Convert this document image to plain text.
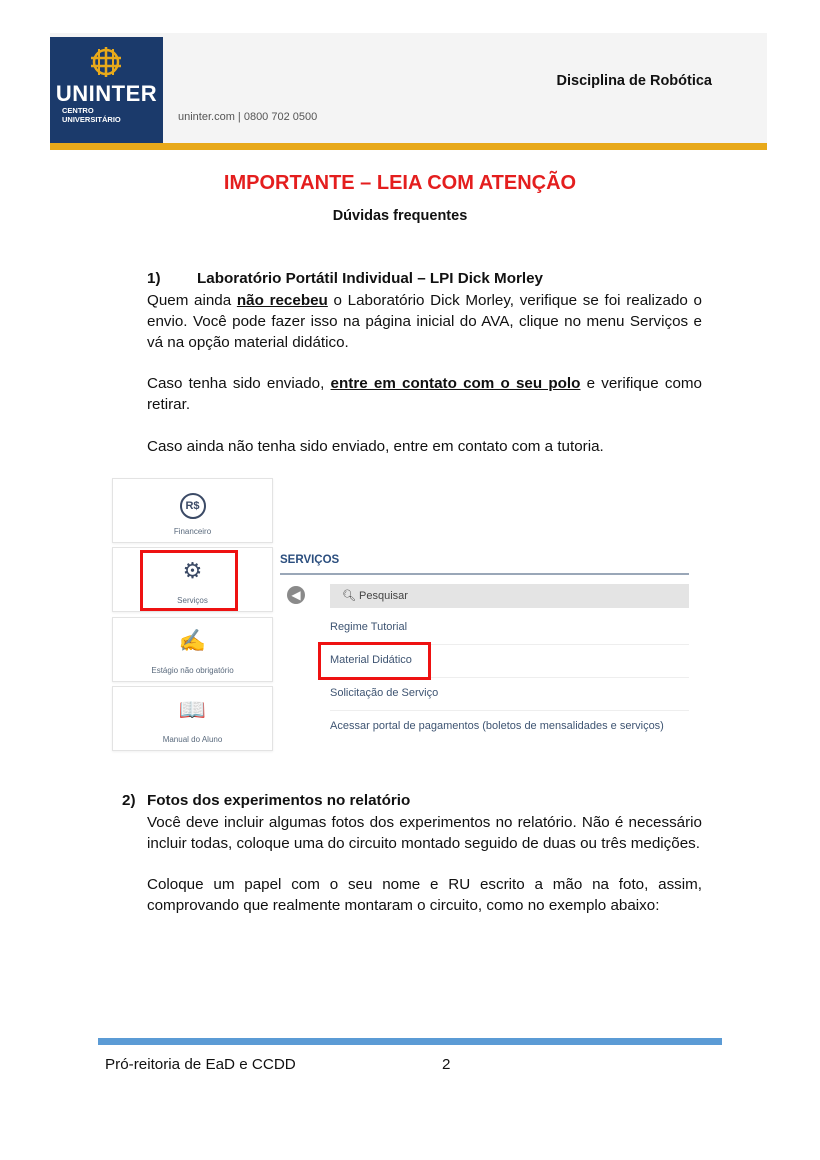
UNINTER
CENTRO
UNIVERSITÁRIO	uninter.com | 0800 702 0500
Disciplina de Robótica
IMPORTANTE – LEIA COM ATENÇÃO
Dúvidas frequentes
1) Laboratório Portátil Individual – LPI Dick Morley

Quem ainda não recebeu o Laboratório Dick Morley, verifique se foi realizado o envio. Você pode fazer isso na página inicial do AVA, clique no menu Serviços e vá na opção material didático.

Caso tenha sido enviado, entre em contato com o seu polo e verifique como retirar.

Caso ainda não tenha sido enviado, entre em contato com a tutoria.

R$
Financeiro
⚙
Serviços
✍
Estágio não obrigatório
📖
Manual do Aluno
SERVIÇOS
◀	🔍︎ Pesquisar
Regime Tutorial
Material Didático
Solicitação de Serviço
Acessar portal de pagamentos (boletos de mensalidades e serviços)
2) Fotos dos experimentos no relatório

Você deve incluir algumas fotos dos experimentos no relatório. Não é necessário incluir todas, coloque uma do circuito montado seguido de duas ou três medições.

Coloque um papel com o seu nome e RU escrito a mão na foto, assim, comprovando que realmente montaram o circuito, como no exemplo abaixo:

Pró-reitoria de EaD e CCDD	2
